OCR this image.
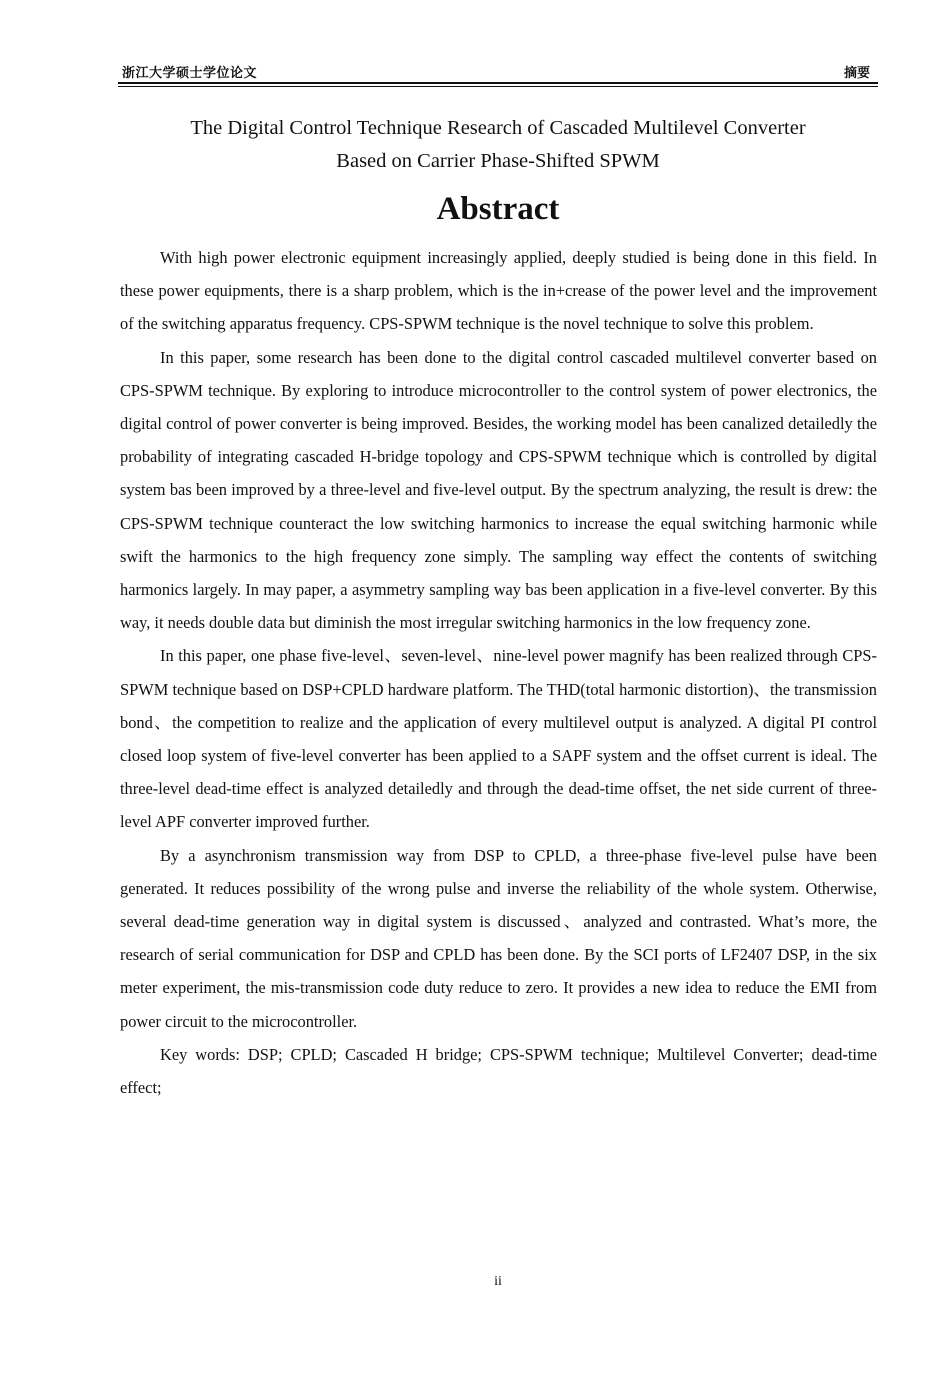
浙江大学硕士学位论文	摘要
The Digital Control Technique Research of Cascaded Multilevel Converter
Based on Carrier Phase-Shifted SPWM
Abstract

With high power electronic equipment increasingly applied, deeply studied is being done in this field. In these power equipments, there is a sharp problem, which is the in+crease of the power level and the improvement of the switching apparatus frequency. CPS-SPWM technique is the novel technique to solve this problem.

In this paper, some research has been done to the digital control cascaded multilevel converter based on CPS-SPWM technique. By exploring to introduce microcontroller to the control system of power electronics, the digital control of power converter is being improved. Besides, the working model has been canalized detailedly the probability of integrating cascaded H-bridge topology and CPS-SPWM technique which is controlled by digital system bas been improved by a three-level and five-level output. By the spectrum analyzing, the result is drew: the CPS-SPWM technique counteract the low switching harmonics to increase the equal switching harmonic while swift the harmonics to the high frequency zone simply. The sampling way effect the contents of switching harmonics largely. In may paper, a asymmetry sampling way bas been application in a five-level converter. By this way, it needs double data but diminish the most irregular switching harmonics in the low frequency zone.

In this paper, one phase five-level、seven-level、nine-level power magnify has been realized through CPS-SPWM technique based on DSP+CPLD hardware platform. The THD(total harmonic distortion)、the transmission bond、the competition to realize and the application of every multilevel output is analyzed. A digital PI control closed loop system of five-level converter has been applied to a SAPF system and the offset current is ideal. The three-level dead-time effect is analyzed detailedly and through the dead-time offset, the net side current of three-level APF converter improved further.

By a asynchronism transmission way from DSP to CPLD, a three-phase five-level pulse have been generated. It reduces possibility of the wrong pulse and inverse the reliability of the whole system. Otherwise, several dead-time generation way in digital system is discussed、analyzed and contrasted. What’s more, the research of serial communication for DSP and CPLD has been done. By the SCI ports of LF2407 DSP, in the six meter experiment, the mis-transmission code duty reduce to zero. It provides a new idea to reduce the EMI from power circuit to the microcontroller.

Key words: DSP; CPLD; Cascaded H bridge; CPS-SPWM technique; Multilevel Converter; dead-time effect;

ii
